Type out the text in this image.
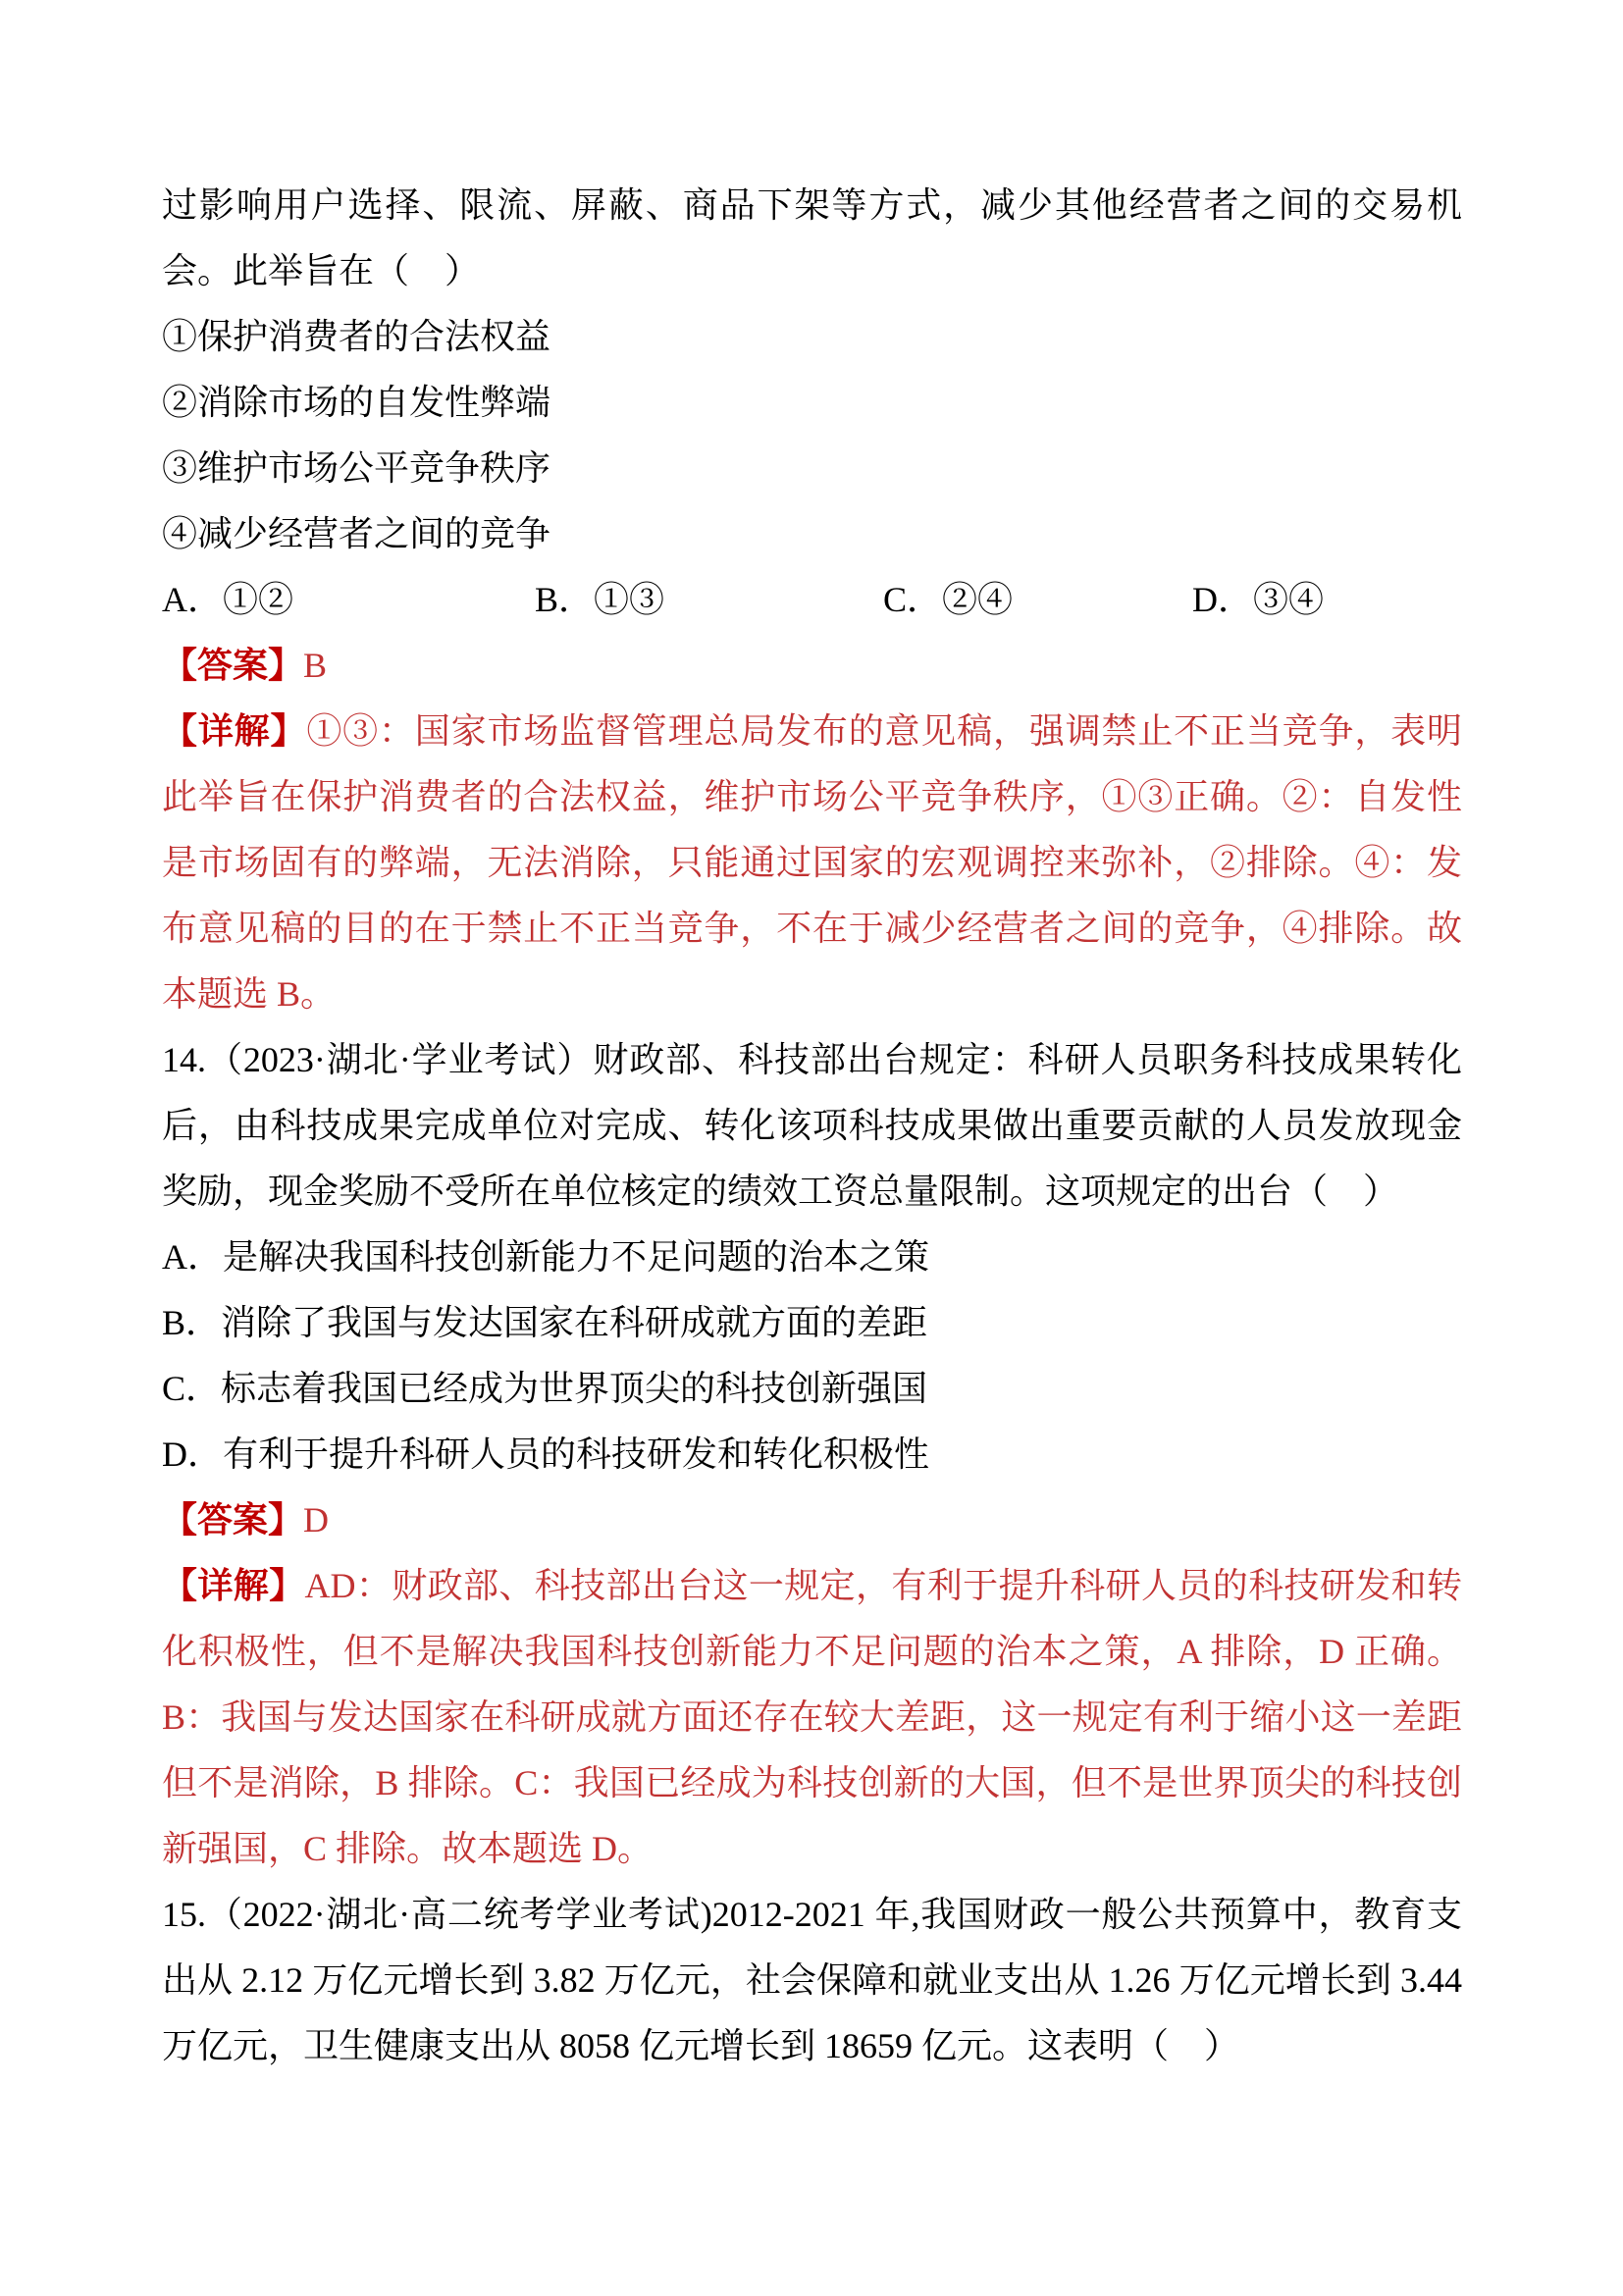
过影响用户选择、限流、屏蔽、商品下架等方式，减少其他经营者之间的交易机会。此举旨在（　）

①保护消费者的合法权益

②消除市场的自发性弊端

③维护市场公平竞争秩序

④减少经营者之间的竞争

A．①②	B．①③	C．②④	D．③④

【答案】B

【详解】①③：国家市场监督管理总局发布的意见稿，强调禁止不正当竞争，表明此举旨在保护消费者的合法权益，维护市场公平竞争秩序，①③正确。②：自发性是市场固有的弊端，无法消除，只能通过国家的宏观调控来弥补，②排除。④：发布意见稿的目的在于禁止不正当竞争，不在于减少经营者之间的竞争，④排除。故本题选 B。

14.（2023·湖北·学业考试）财政部、科技部出台规定：科研人员职务科技成果转化后，由科技成果完成单位对完成、转化该项科技成果做出重要贡献的人员发放现金奖励，现金奖励不受所在单位核定的绩效工资总量限制。这项规定的出台（　）

A．是解决我国科技创新能力不足问题的治本之策

B．消除了我国与发达国家在科研成就方面的差距

C．标志着我国已经成为世界顶尖的科技创新强国

D．有利于提升科研人员的科技研发和转化积极性

【答案】D

【详解】AD：财政部、科技部出台这一规定，有利于提升科研人员的科技研发和转化积极性，但不是解决我国科技创新能力不足问题的治本之策，A 排除，D 正确。B：我国与发达国家在科研成就方面还存在较大差距，这一规定有利于缩小这一差距但不是消除，B 排除。C：我国已经成为科技创新的大国，但不是世界顶尖的科技创新强国，C 排除。故本题选 D。

15.（2022·湖北·高二统考学业考试)2012-2021 年,我国财政一般公共预算中，教育支出从 2.12 万亿元增长到 3.82 万亿元，社会保障和就业支出从 1.26 万亿元增长到 3.44 万亿元，卫生健康支出从 8058 亿元增长到 18659 亿元。这表明（　）
